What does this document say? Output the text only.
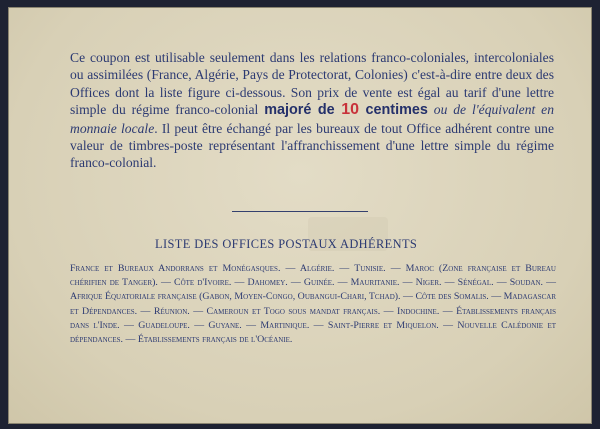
Ce coupon est utilisable seulement dans les relations franco-coloniales, intercoloniales ou assimilées (France, Algérie, Pays de Protectorat, Colonies) c'est-à-dire entre deux des Offices dont la liste figure ci-dessous. Son prix de vente est égal au tarif d'une lettre simple du régime franco-colonial majoré de 10 centimes ou de l'équivalent en monnaie locale. Il peut être échangé par les bureaux de tout Office adhérent contre une valeur de timbres-poste représentant l'affranchissement d'une lettre simple du régime franco-colonial.
LISTE DES OFFICES POSTAUX ADHÉRENTS
France et Bureaux Andorrans et Monégasques. — Algérie. — Tunisie. — Maroc (Zone française et Bureau chérifien de Tanger). — Côte d'Ivoire. — Dahomey. — Guinée. — Mauritanie. — Niger. — Sénégal. — Soudan. — Afrique Équatoriale française (Gabon, Moyen-Congo, Oubangui-Chari, Tchad). — Côte des Somalis. — Madagascar et Dépendances. — Réunion. — Cameroun et Togo sous mandat français. — Indochine. — Établissements français dans l'Inde. — Guadeloupe. — Guyane. — Martinique. — Saint-Pierre et Miquelon. — Nouvelle Calédonie et dépendances. — Établissements français de l'Océanie.
